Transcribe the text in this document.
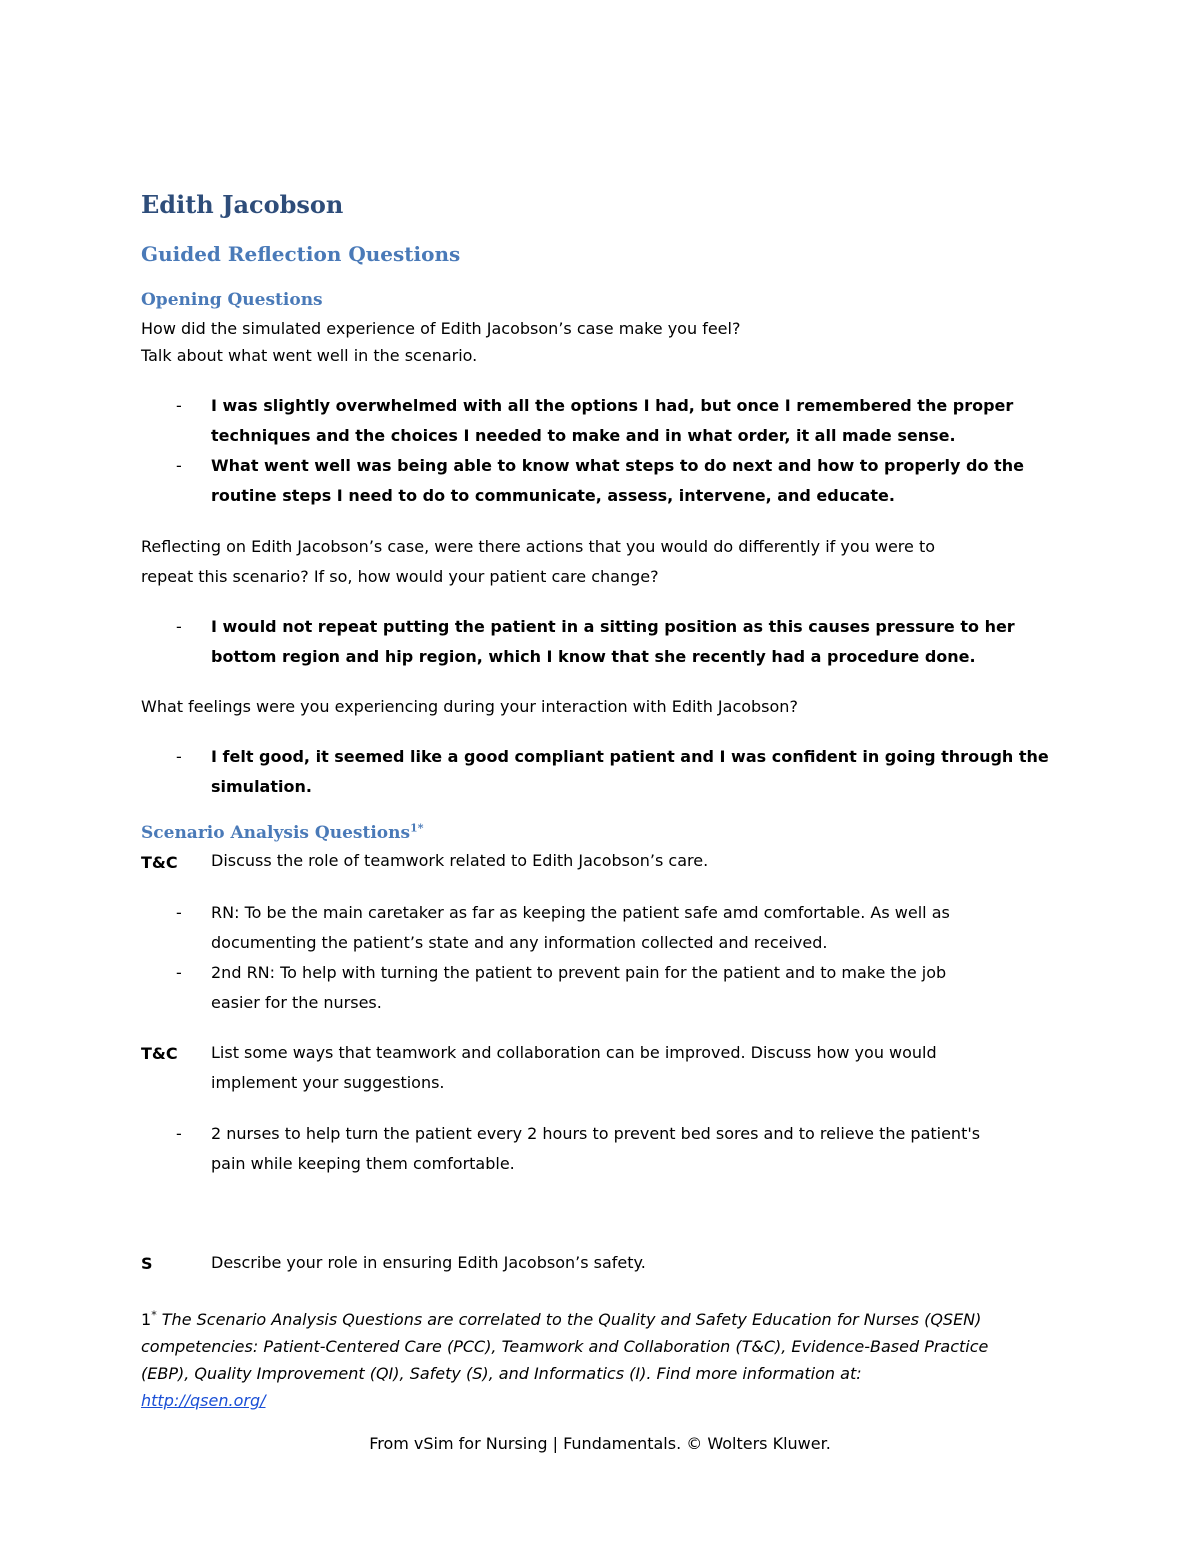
Edith Jacobson
Guided Reflection Questions
Opening Questions
How did the simulated experience of Edith Jacobson’s case make you feel?
Talk about what went well in the scenario.
- I was slightly overwhelmed with all the options I had, but once I remembered the proper
techniques and the choices I needed to make and in what order, it all made sense.
- What went well was being able to know what steps to do next and how to properly do the
routine steps I need to do to communicate, assess, intervene, and educate.
Reflecting on Edith Jacobson’s case, were there actions that you would do differently if you were to
repeat this scenario? If so, how would your patient care change?
- I would not repeat putting the patient in a sitting position as this causes pressure to her
bottom region and hip region, which I know that she recently had a procedure done.
What feelings were you experiencing during your interaction with Edith Jacobson?
- I felt good, it seemed like a good compliant patient and I was confident in going through the
simulation.
Scenario Analysis Questions$^{1*}$
T&C Discuss the role of teamwork related to Edith Jacobson’s care.
- RN: To be the main caretaker as far as keeping the patient safe amd comfortable. As well as
documenting the patient’s state and any information collected and received.
- 2nd RN: To help with turning the patient to prevent pain for the patient and to make the job
easier for the nurses.
T&C List some ways that teamwork and collaboration can be improved. Discuss how you would
implement your suggestions.
- 2 nurses to help turn the patient every 2 hours to prevent bed sores and to relieve the patient's
pain while keeping them comfortable.
S	Describe your role in ensuring Edith Jacobson’s safety.
1* The Scenario Analysis Questions are correlated to the Quality and Safety Education for Nurses (QSEN)
competencies: Patient-Centered Care (PCC), Teamwork and Collaboration (T&C), Evidence-Based Practice
(EBP), Quality Improvement (QI), Safety (S), and Informatics (I). Find more information at:
http://qsen.org/
From vSim for Nursing | Fundamentals. © Wolters Kluwer.
